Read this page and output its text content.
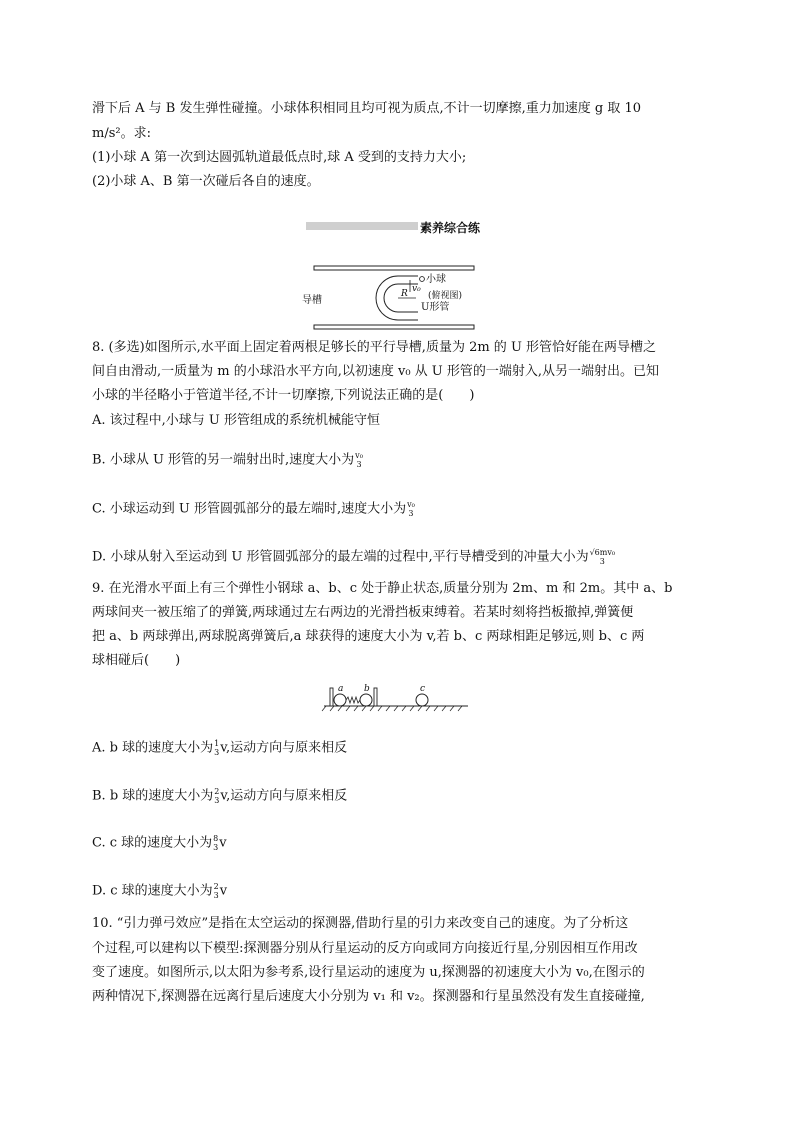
滑下后 A 与 B 发生弹性碰撞。小球体积相同且均可视为质点,不计一切摩擦,重力加速度 g 取 10
m/s²。求:
(1)小球 A 第一次到达圆弧轨道最低点时,球 A 受到的支持力大小;
(2)小球 A、B 第一次碰后各自的速度。
素养综合练
导槽
v₀
小球
R
U形管
(俯视图)
8. (多选)如图所示,水平面上固定着两根足够长的平行导槽,质量为 2m 的 U 形管恰好能在两导槽之
间自由滑动,一质量为 m 的小球沿水平方向,以初速度 v₀ 从 U 形管的一端射入,从另一端射出。已知
小球的半径略小于管道半径,不计一切摩擦,下列说法正确的是(　　)
A. 该过程中,小球与 U 形管组成的系统机械能守恒
B. 小球从 U 形管的另一端射出时,速度大小为 v₀
3
C. 小球运动到 U 形管圆弧部分的最左端时,速度大小为 v₀
3
D. 小球从射入至运动到 U 形管圆弧部分的最左端的过程中,平行导槽受到的冲量大小为 √6mv₀
3
9. 在光滑水平面上有三个弹性小钢球 a、b、c 处于静止状态,质量分别为 2m、m 和 2m。其中 a、b
两球间夹一被压缩了的弹簧,两球通过左右两边的光滑挡板束缚着。若某时刻将挡板撤掉,弹簧便
把 a、b 两球弹出,两球脱离弹簧后,a 球获得的速度大小为 v,若 b、c 两球相距足够远,则 b、c 两
球相碰后(　　)
a b	c
A. b 球的速度大小为 1
3 v,运动方向与原来相反
B. b 球的速度大小为 2
3 v,运动方向与原来相反
C. c 球的速度大小为 8
3 v
D. c 球的速度大小为 2
3 v
10. “引力弹弓效应”是指在太空运动的探测器,借助行星的引力来改变自己的速度。为了分析这
个过程,可以建构以下模型:探测器分别从行星运动的反方向或同方向接近行星,分别因相互作用改
变了速度。如图所示,以太阳为参考系,设行星运动的速度为 u,探测器的初速度大小为 v₀,在图示的
两种情况下,探测器在远离行星后速度大小分别为 v₁ 和 v₂。探测器和行星虽然没有发生直接碰撞,
